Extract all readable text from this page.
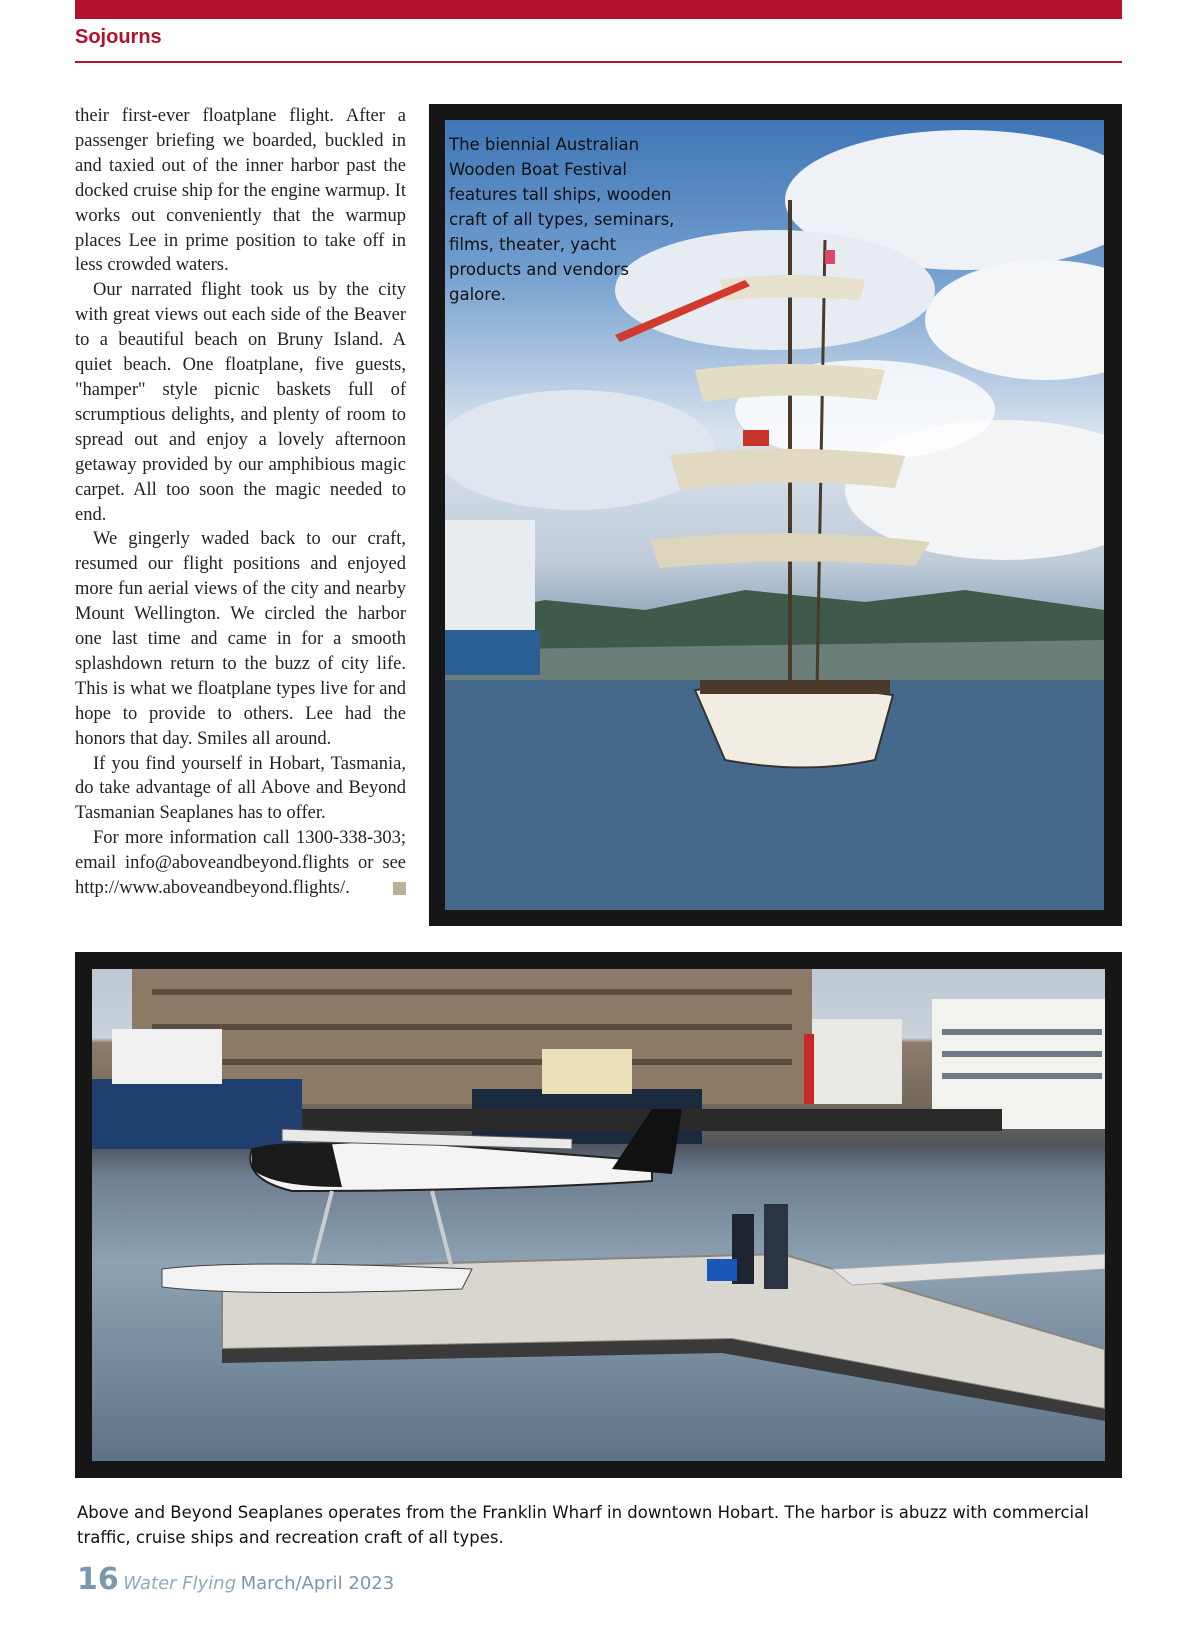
Sojourns

their first-ever floatplane flight. After a passenger briefing we boarded, buckled in and taxied out of the inner harbor past the docked cruise ship for the engine warmup. It works out conveniently that the warmup places Lee in prime position to take off in less crowded waters.

Our narrated flight took us by the city with great views out each side of the Beaver to a beautiful beach on Bruny Island. A quiet beach. One floatplane, five guests, "hamper" style picnic baskets full of scrumptious delights, and plenty of room to spread out and enjoy a lovely afternoon getaway provided by our amphibious magic carpet. All too soon the magic needed to end.

We gingerly waded back to our craft, resumed our flight positions and enjoyed more fun aerial views of the city and nearby Mount Wellington. We circled the harbor one last time and came in for a smooth splashdown return to the buzz of city life. This is what we floatplane types live for and hope to provide to others. Lee had the honors that day. Smiles all around.

If you find yourself in Hobart, Tasmania, do take advantage of all Above and Beyond Tasmanian Seaplanes has to offer.

For more information call 1300-338-303; email info@aboveandbeyond.flights or see http://www.aboveandbeyond.flights/.

The biennial Australian Wooden Boat Festival features tall ships, wooden craft of all types, seminars, films, theater, yacht products and vendors galore.
Above and Beyond Seaplanes operates from the Franklin Wharf in downtown Hobart. The harbor is abuzz with commercial traffic, cruise ships and recreation craft of all types.
16 Water Flying March/April 2023
